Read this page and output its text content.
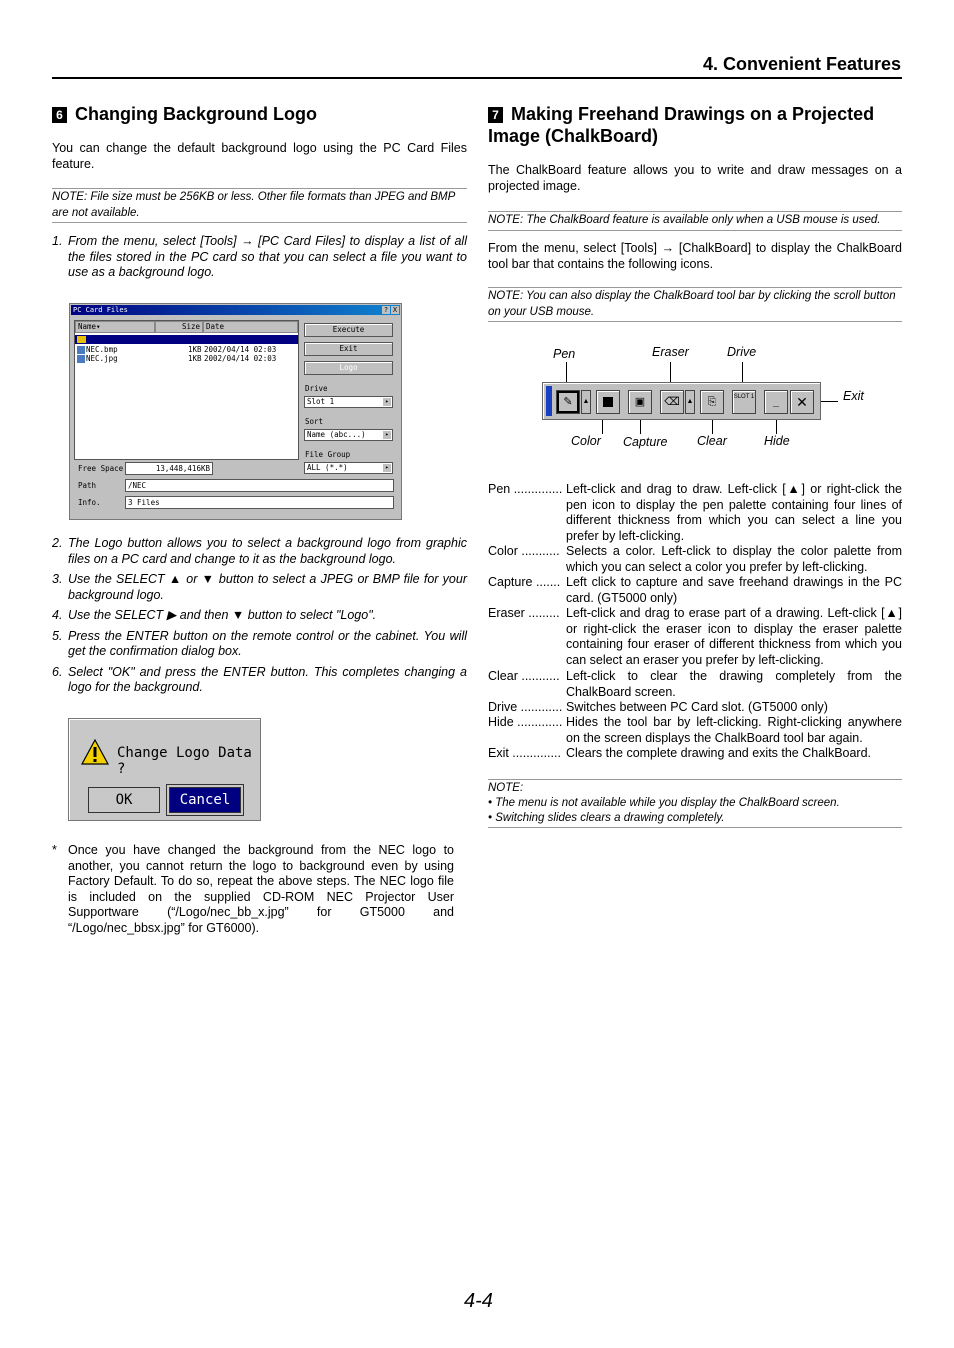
4. Convenient Features
6 Changing Background Logo
You can change the default background logo using the PC Card Files feature.
NOTE: File size must be 256KB or less. Other file formats than JPEG and BMP are not available.
1. From the menu, select [Tools] → [PC Card Files] to display a list of all the files stored in the PC card so that you can select a file you want to use as a background logo.
PC Card Files	? X
Name▾	Size Date
NEC.bmp	1KB 2002/04/14 02:03
NEC.jpg	1KB 2002/04/14 02:03
Execute
Exit
Logo
Drive
Slot 1	▸
Sort
Name (abc...)	▸
File Group
ALL (*.*)	▸
Free Space	13,448,416KB
Path	/NEC
Info.	3 Files
2. The Logo button allows you to select a background logo from graphic files on a PC card and change to it as the background logo.
3. Use the SELECT ▲ or ▼ button to select a JPEG or BMP file for your background logo.
4. Use the SELECT ▶ and then ▼ button to select "Logo".
5. Press the ENTER button on the remote control or the cabinet. You will get the confirmation dialog box.
6. Select "OK" and press the ENTER button. This completes changing a logo for the background.
Change Logo Data ?
OK	Cancel
* Once you have changed the background from the NEC logo to another, you cannot return the logo to background even by using Factory Default. To do so, repeat the above steps. The NEC logo file is included on the supplied CD-ROM NEC Projector User Supportware (“/Logo/nec_bb_x.jpg” for GT5000 and “/Logo/nec_bbsx.jpg” for GT6000).
7 Making Freehand Drawings on a Projected
Image (ChalkBoard)
The ChalkBoard feature allows you to write and draw messages on a projected image.
NOTE: The ChalkBoard feature is available only when a USB mouse is used.
From the menu, select [Tools] → [ChalkBoard] to display the ChalkBoard tool bar that contains the following icons.
NOTE: You can also display the ChalkBoard tool bar by clicking the scroll button on your USB mouse.
Pen	Eraser	Drive
Exit
Color Capture Clear	Hide
✎	▲	▣	⌫ ▲	⎘	SLOT 1	_	✕
Pen .............. Left-click and drag to draw. Left-click [▲] or right-click the pen icon to display the pen palette containing four lines of different thickness from which you can select a line you prefer by left-clicking.
Color ........... Selects a color. Left-click to display the color palette from which you can select a color you prefer by left-clicking.
Capture ....... Left click to capture and save freehand drawings in the PC card. (GT5000 only)
Eraser ......... Left-click and drag to erase part of a drawing. Left-click [▲] or right-click the eraser icon to display the eraser palette containing four eraser of different thickness from which you can select an eraser you prefer by left-clicking.
Clear ........... Left-click to clear the drawing completely from the ChalkBoard screen.
Drive ............ Switches between PC Card slot. (GT5000 only)
Hide ............. Hides the tool bar by left-clicking. Right-clicking anywhere on the screen displays the ChalkBoard tool bar again.
Exit .............. Clears the complete drawing and exits the ChalkBoard.
NOTE:
• The menu is not available while you display the ChalkBoard screen.
• Switching slides clears a drawing completely.
4-4
